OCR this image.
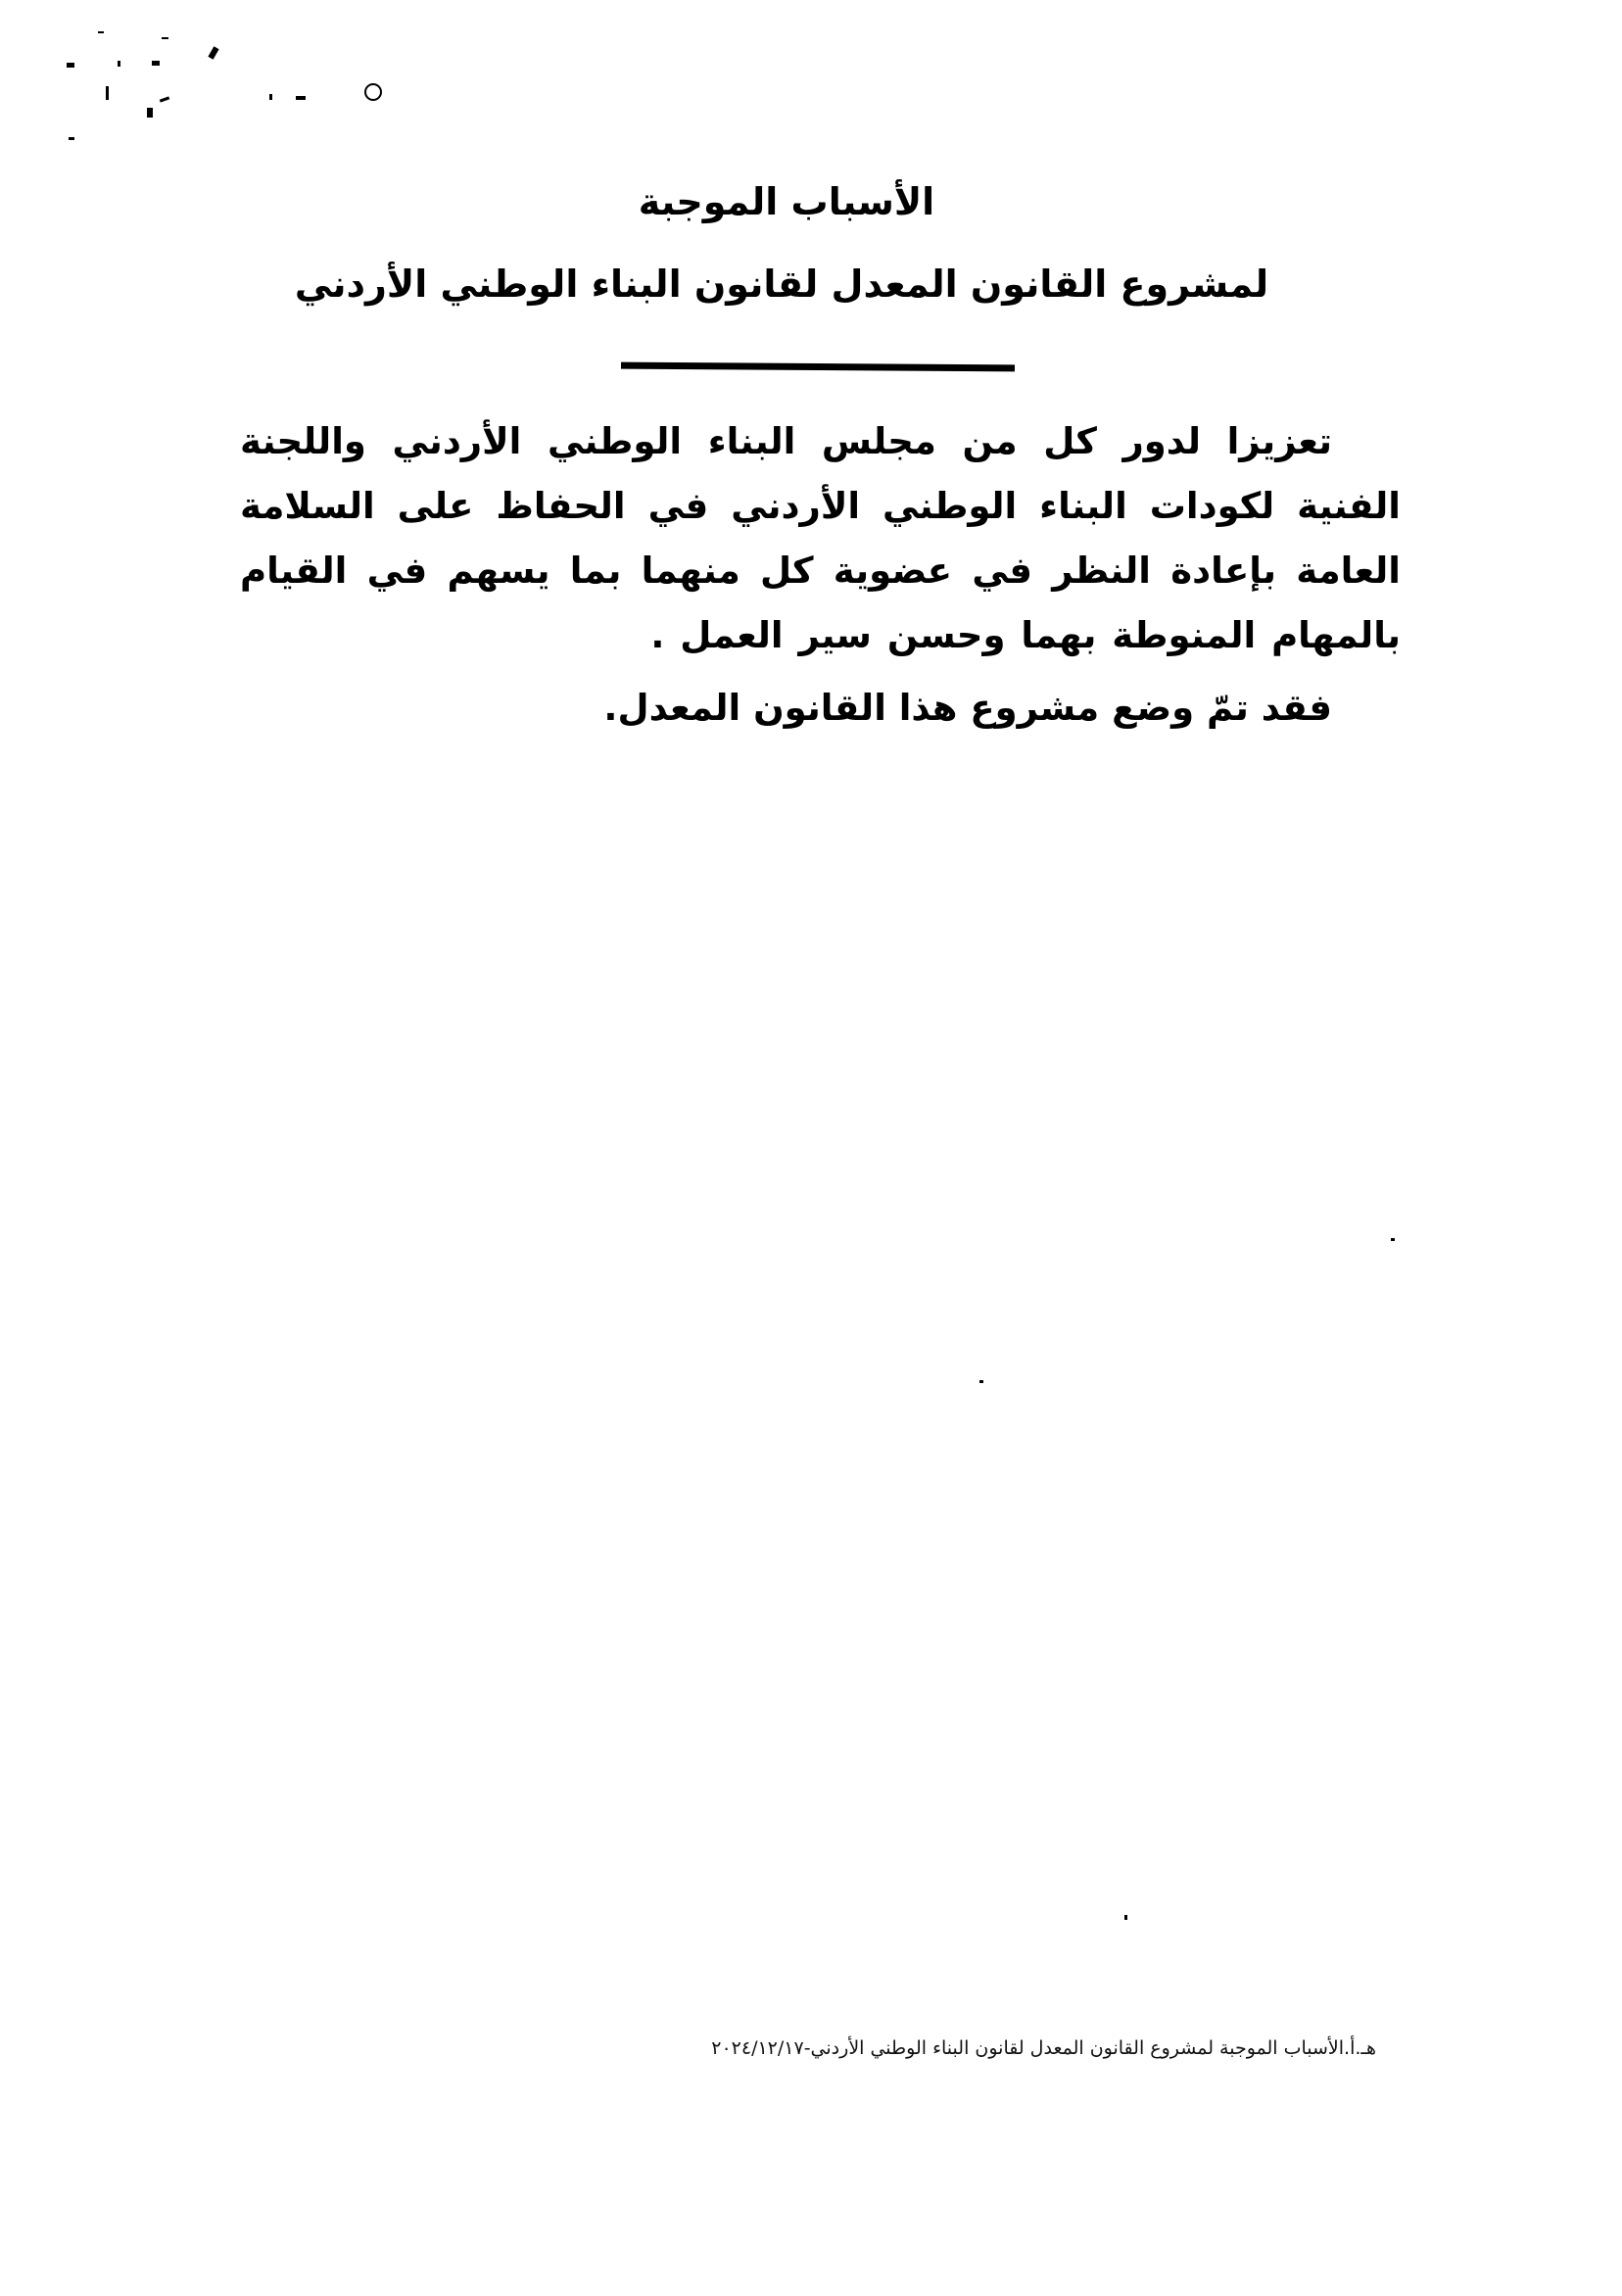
الأسباب الموجبة
لمشروع القانون المعدل لقانون البناء الوطني الأردني
تعزيزا لدور كل من مجلس البناء الوطني الأردني واللجنة الفنية لكودات البناء الوطني الأردني في الحفاظ على السلامة العامة بإعادة النظر في عضوية كل منهما بما يسهم في القيام بالمهام المنوطة بهما وحسن سير العمل .
فقد تمّ وضع مشروع هذا القانون المعدل.
هـ.أ.الأسباب الموجبة لمشروع القانون المعدل لقانون البناء الوطني الأردني-٢٠٢٤/١٢/١٧
